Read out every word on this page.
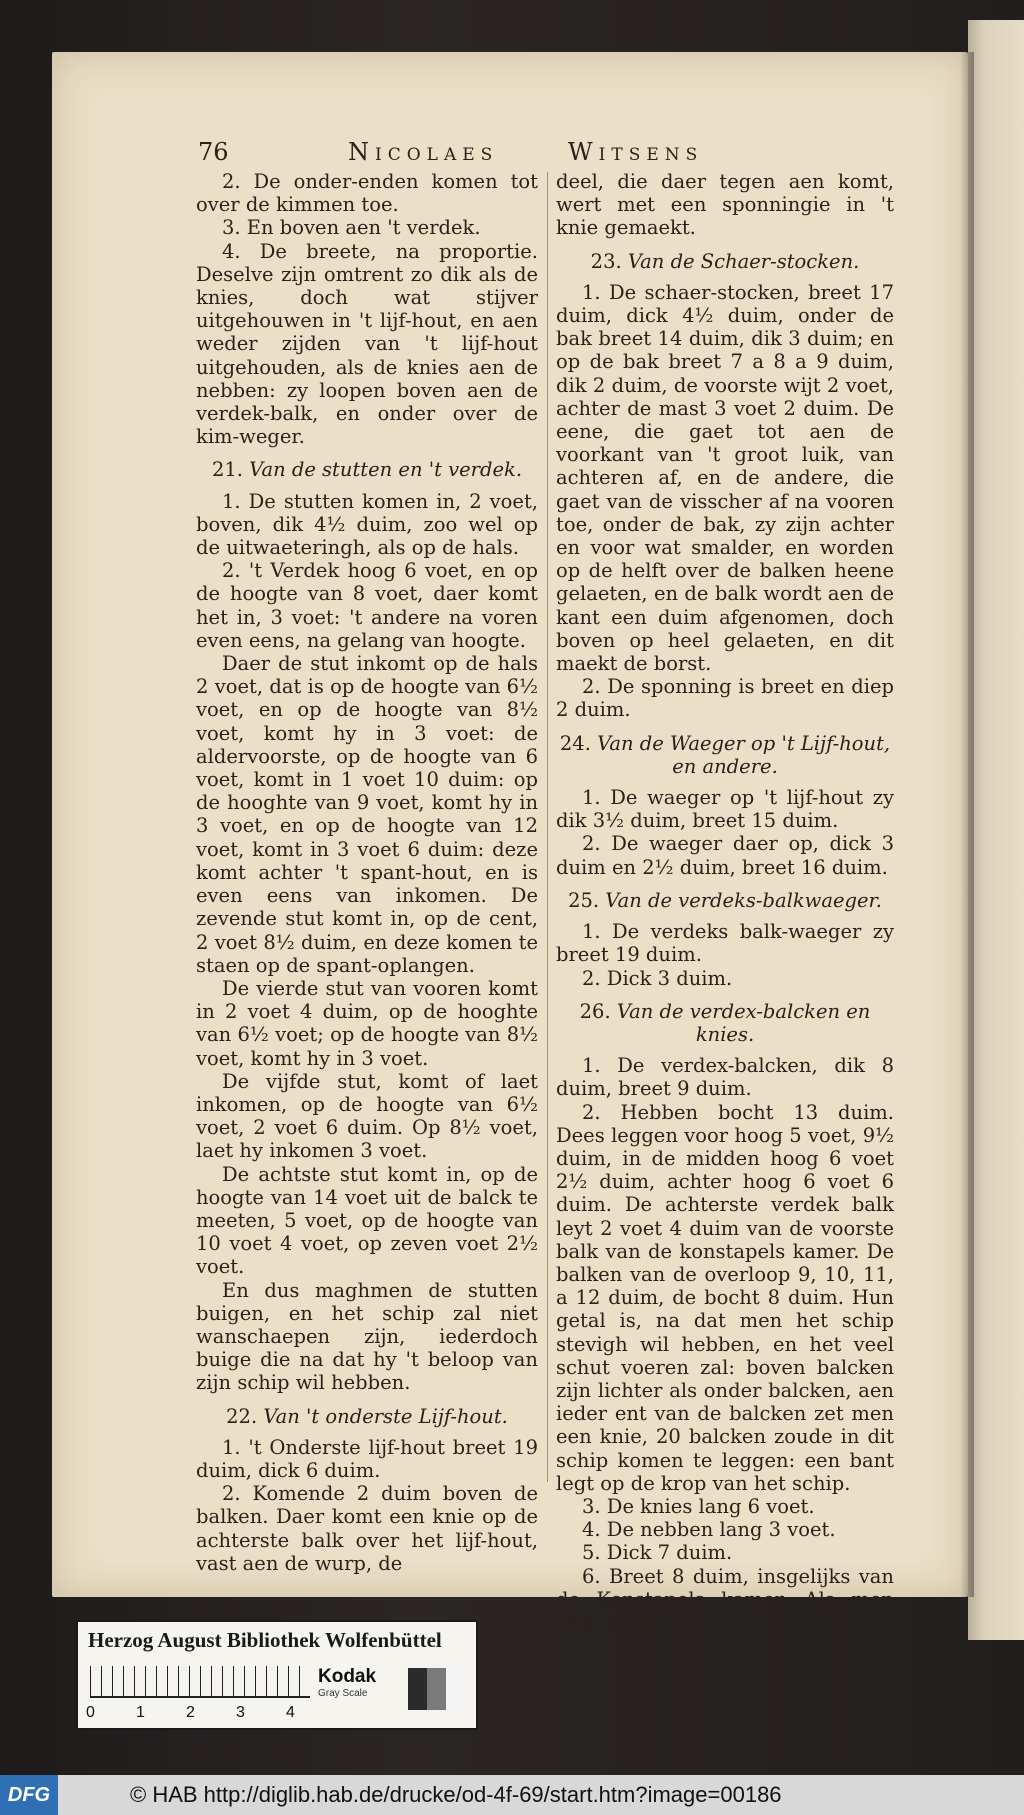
76	Nicolaes	Witsens

2. De onder-enden komen tot over de kimmen toe.

3. En boven aen 't verdek.

4. De breete, na proportie. Deselve zijn omtrent zo dik als de knies, doch wat stijver uitgehouwen in 't lijf-hout, en aen weder zijden van 't lijf-hout uitgehouden, als de knies aen de nebben: zy loopen boven aen de verdek-balk, en onder over de kim-weger.

21. Van de stutten en 't verdek.

1. De stutten komen in, 2 voet, boven, dik 4½ duim, zoo wel op de uitwaeteringh, als op de hals.

2. 't Verdek hoog 6 voet, en op de hoogte van 8 voet, daer komt het in, 3 voet: 't andere na voren even eens, na gelang van hoogte.

Daer de stut inkomt op de hals 2 voet, dat is op de hoogte van 6½ voet, en op de hoogte van 8½ voet, komt hy in 3 voet: de aldervoorste, op de hoogte van 6 voet, komt in 1 voet 10 duim: op de hooghte van 9 voet, komt hy in 3 voet, en op de hoogte van 12 voet, komt in 3 voet 6 duim: deze komt achter 't spant-hout, en is even eens van inkomen. De zevende stut komt in, op de cent, 2 voet 8½ duim, en deze komen te staen op de spant-oplangen.

De vierde stut van vooren komt in 2 voet 4 duim, op de hooghte van 6½ voet; op de hoogte van 8½ voet, komt hy in 3 voet.

De vijfde stut, komt of laet inkomen, op de hoogte van 6½ voet, 2 voet 6 duim. Op 8½ voet, laet hy inkomen 3 voet.

De achtste stut komt in, op de hoogte van 14 voet uit de balck te meeten, 5 voet, op de hoogte van 10 voet 4 voet, op zeven voet 2½ voet.

En dus maghmen de stutten buigen, en het schip zal niet wanschaepen zijn, iederdoch buige die na dat hy 't beloop van zijn schip wil hebben.

22. Van 't onderste Lijf-hout.

1. 't Onderste lijf-hout breet 19 duim, dick 6 duim.

2. Komende 2 duim boven de balken. Daer komt een knie op de achterste balk over het lijf-hout, vast aen de wurp, de

deel, die daer tegen aen komt, wert met een sponningie in 't knie gemaekt.

23. Van de Schaer-stocken.

1. De schaer-stocken, breet 17 duim, dick 4½ duim, onder de bak breet 14 duim, dik 3 duim; en op de bak breet 7 a 8 a 9 duim, dik 2 duim, de voorste wijt 2 voet, achter de mast 3 voet 2 duim. De eene, die gaet tot aen de voorkant van 't groot luik, van achteren af, en de andere, die gaet van de visscher af na vooren toe, onder de bak, zy zijn achter en voor wat smalder, en worden op de helft over de balken heene gelaeten, en de balk wordt aen de kant een duim afgenomen, doch boven op heel gelaeten, en dit maekt de borst.

2. De sponning is breet en diep 2 duim.

24. Van de Waeger op 't Lijf-hout, en andere.

1. De waeger op 't lijf-hout zy dik 3½ duim, breet 15 duim.

2. De waeger daer op, dick 3 duim en 2½ duim, breet 16 duim.

25. Van de verdeks-balkwaeger.

1. De verdeks balk-waeger zy breet 19 duim.

2. Dick 3 duim.

26. Van de verdex-balcken en knies.

1. De verdex-balcken, dik 8 duim, breet 9 duim.

2. Hebben bocht 13 duim. Dees leggen voor hoog 5 voet, 9½ duim, in de midden hoog 6 voet 2½ duim, achter hoog 6 voet 6 duim. De achterste verdek balk leyt 2 voet 4 duim van de voorste balk van de konstapels kamer. De balken van de overloop 9, 10, 11, a 12 duim, de bocht 8 duim. Hun getal is, na dat men het schip stevigh wil hebben, en het veel schut voeren zal: boven balcken zijn lichter als onder balcken, aen ieder ent van de balcken zet men een knie, 20 balcken zoude in dit schip komen te leggen: een bant legt op de krop van het schip.

3. De knies lang 6 voet.

4. De nebben lang 3 voet.

5. Dick 7 duim.

6. Breet 8 duim, insgelijks van de Konstapels kamer. Als men swaere en

lichte

Herzog August Bibliothek Wolfenbüttel
0	1	2	3	4
Kodak
Gray Scale
DFG	© HAB http://diglib.hab.de/drucke/od-4f-69/start.htm?image=00186
